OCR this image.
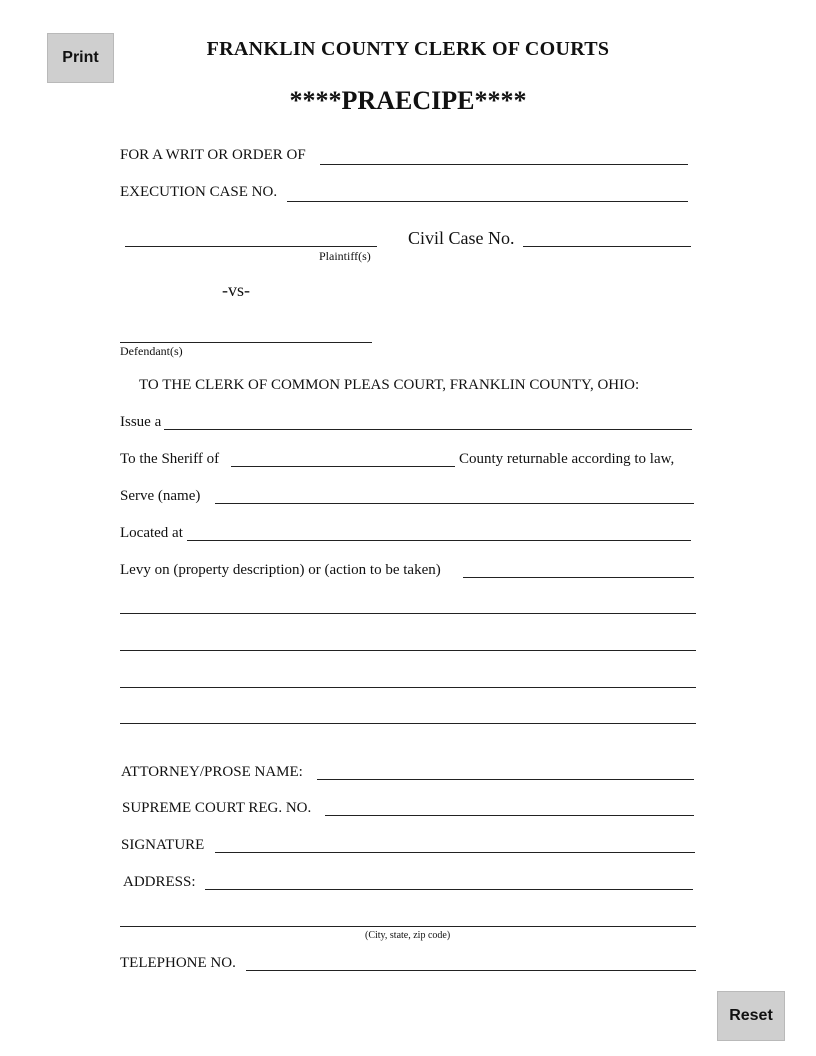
Print
Reset
FRANKLIN COUNTY CLERK OF COURTS
****PRAECIPE****
FOR A WRIT OR ORDER OF
EXECUTION CASE NO.
Plaintiff(s)
Civil Case No.
-vs-
Defendant(s)
TO THE CLERK OF COMMON PLEAS COURT, FRANKLIN COUNTY, OHIO:
Issue a
To the Sheriff of	County returnable according to law,
Serve (name)
Located at
Levy on (property description) or (action to be taken)
ATTORNEY/PROSE NAME:
SUPREME COURT REG. NO.
SIGNATURE
ADDRESS:
(City, state, zip code)
TELEPHONE NO.
